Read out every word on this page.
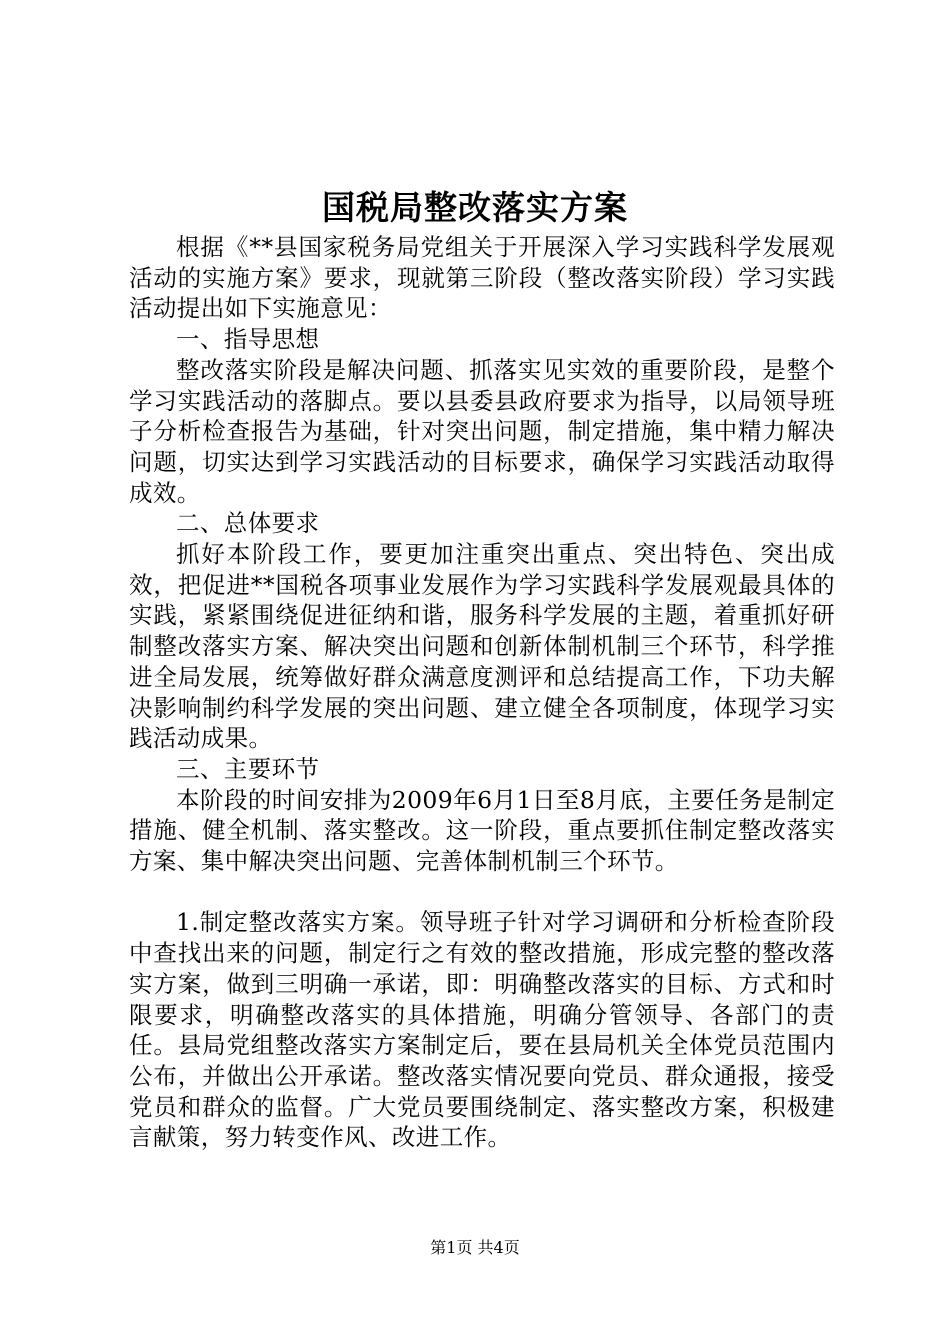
国税局整改落实方案

根据《**县国家税务局党组关于开展深入学习实践科学发展观活动的实施方案》要求，现就第三阶段（整改落实阶段）学习实践活动提出如下实施意见：

一、指导思想

整改落实阶段是解决问题、抓落实见实效的重要阶段，是整个学习实践活动的落脚点。要以县委县政府要求为指导，以局领导班子分析检查报告为基础，针对突出问题，制定措施，集中精力解决问题，切实达到学习实践活动的目标要求，确保学习实践活动取得成效。

二、总体要求

抓好本阶段工作，要更加注重突出重点、突出特色、突出成效，把促进**国税各项事业发展作为学习实践科学发展观最具体的实践，紧紧围绕促进征纳和谐，服务科学发展的主题，着重抓好研制整改落实方案、解决突出问题和创新体制机制三个环节，科学推进全局发展，统筹做好群众满意度测评和总结提高工作，下功夫解决影响制约科学发展的突出问题、建立健全各项制度，体现学习实践活动成果。

三、主要环节

本阶段的时间安排为2009年6月1日至8月底，主要任务是制定措施、健全机制、落实整改。这一阶段，重点要抓住制定整改落实方案、集中解决突出问题、完善体制机制三个环节。

1.制定整改落实方案。领导班子针对学习调研和分析检查阶段中查找出来的问题，制定行之有效的整改措施，形成完整的整改落实方案，做到三明确一承诺，即：明确整改落实的目标、方式和时限要求，明确整改落实的具体措施，明确分管领导、各部门的责任。县局党组整改落实方案制定后，要在县局机关全体党员范围内公布，并做出公开承诺。整改落实情况要向党员、群众通报，接受党员和群众的监督。广大党员要围绕制定、落实整改方案，积极建言献策，努力转变作风、改进工作。

第1页 共4页
